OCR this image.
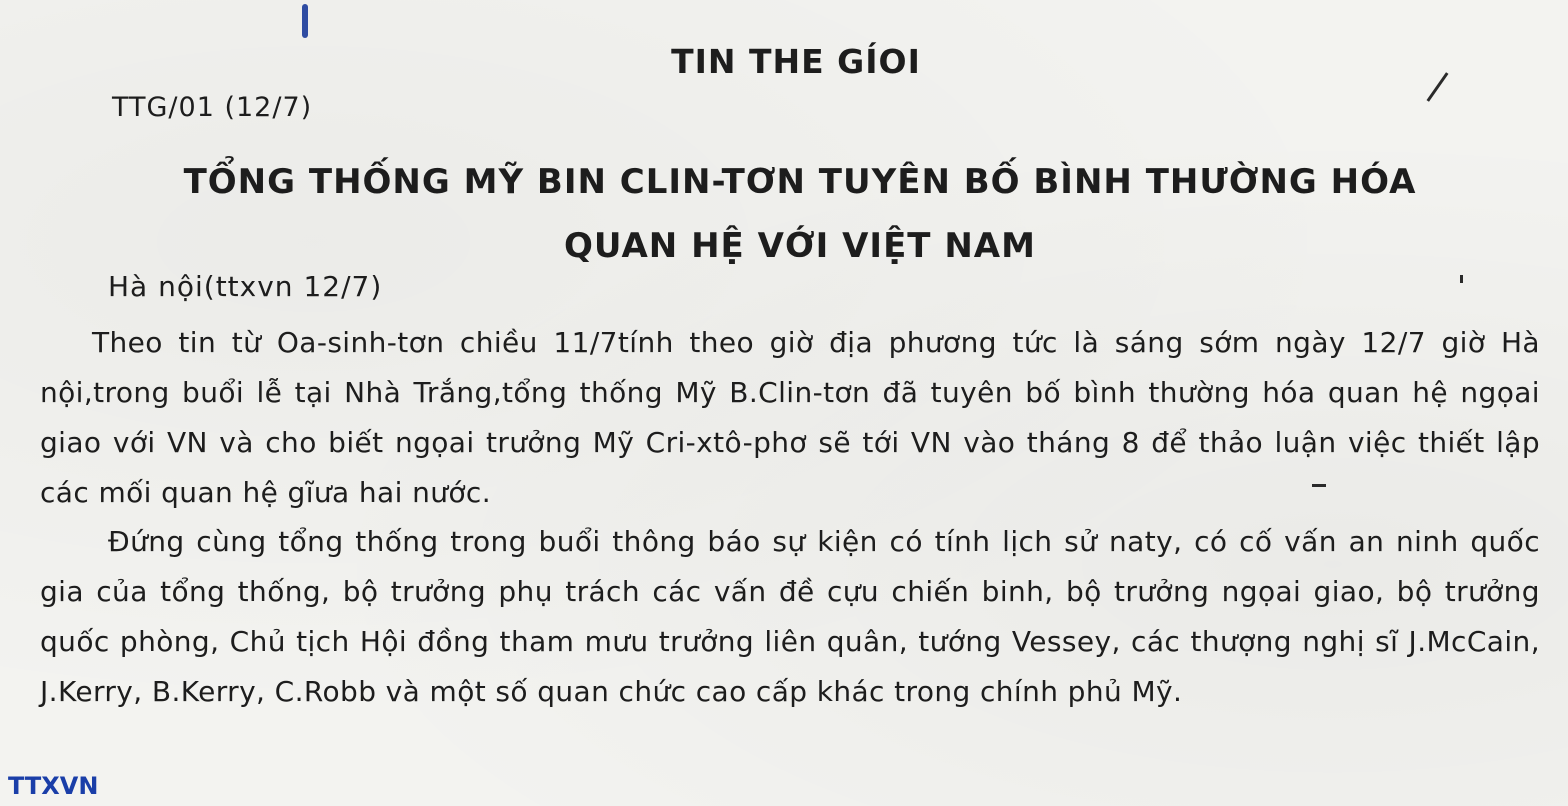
TIN THE GÍOI
TTG/01 (12/7)
TỔNG THỐNG MỸ BIN CLIN-TƠN TUYÊN BỐ BÌNH THƯỜNG HÓA
QUAN HỆ VỚI VIỆT NAM
Hà nội(ttxvn 12/7)
Theo tin từ Oa-sinh-tơn chiều 11/7tính theo giờ địa phương tức là sáng sớm ngày 12/7 giờ Hà nội,trong buổi lễ tại Nhà Trắng,tổng thống Mỹ B.Clin-tơn đã tuyên bố bình thường hóa quan hệ ngọai giao với VN và cho biết ngọai trưởng Mỹ Cri-xtô-phơ sẽ tới VN vào tháng 8 để thảo luận việc thiết lập các mối quan hệ gĩưa hai nước.
Đứng cùng tổng thống trong buổi thông báo sự kiện có tính lịch sử naty, có cố vấn an ninh quốc gia của tổng thống, bộ trưởng phụ trách các vấn đề cựu chiến binh, bộ trưởng ngọai giao, bộ trưởng quốc phòng, Chủ tịch Hội đồng tham mưu trưởng liên quân, tướng Vessey, các thượng nghị sĩ J.McCain, J.Kerry, B.Kerry, C.Robb và một số quan chức cao cấp khác trong chính phủ Mỹ.
TTXVN
